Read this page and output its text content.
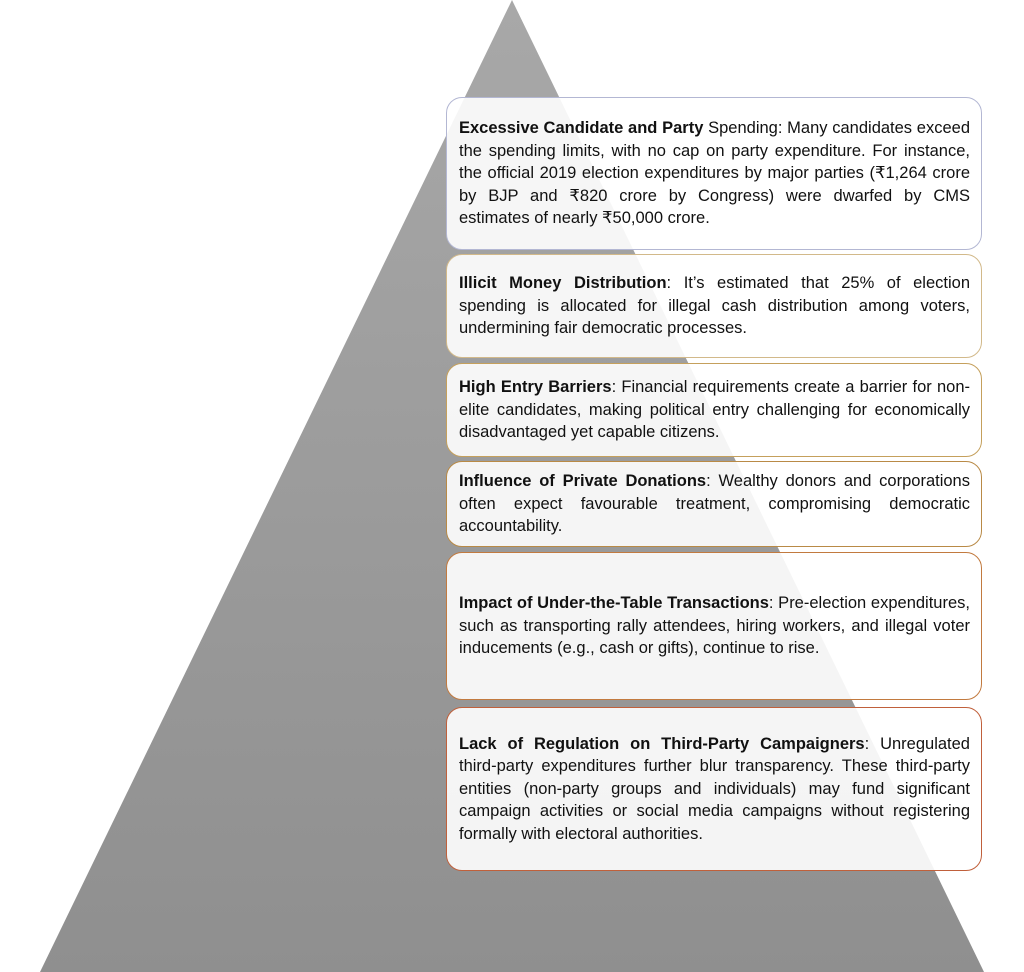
Excessive Candidate and Party Spending: Many candidates exceed the spending limits, with no cap on party expenditure. For instance, the official 2019 election expenditures by major parties (₹1,264 crore by BJP and ₹820 crore by Congress) were dwarfed by CMS estimates of nearly ₹50,000 crore.

Illicit Money Distribution: It’s estimated that 25% of election spending is allocated for illegal cash distribution among voters, undermining fair democratic processes.

High Entry Barriers: Financial requirements create a barrier for non-elite candidates, making political entry challenging for economically disadvantaged yet capable citizens.

Influence of Private Donations: Wealthy donors and corporations often expect favourable treatment, compromising democratic accountability.

Impact of Under-the-Table Transactions: Pre-election expenditures, such as transporting rally attendees, hiring workers, and illegal voter inducements (e.g., cash or gifts), continue to rise.

Lack of Regulation on Third-Party Campaigners: Unregulated third-party expenditures further blur transparency. These third-party entities (non-party groups and individuals) may fund significant campaign activities or social media campaigns without registering formally with electoral authorities.
